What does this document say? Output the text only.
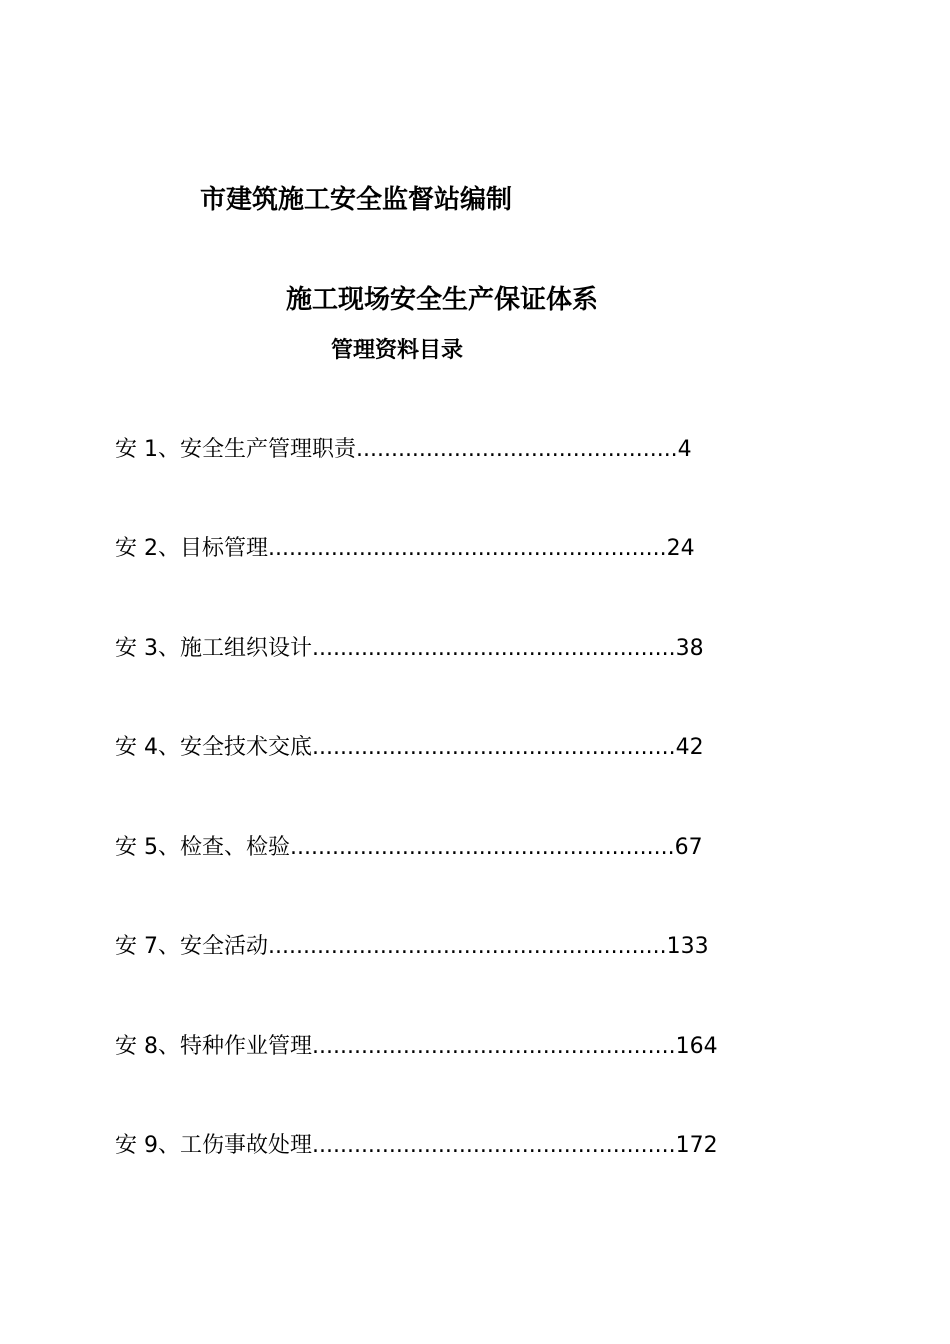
市建筑施工安全监督站编制
施工现场安全生产保证体系
管理资料目录
安 1、安全生产管理职责..............................................4
安 2、目标管理.........................................................24
安 3、施工组织设计....................................................38
安 4、安全技术交底....................................................42
安 5、检查、检验.......................................................67
安 7、安全活动.........................................................133
安 8、特种作业管理....................................................164
安 9、工伤事故处理....................................................172
